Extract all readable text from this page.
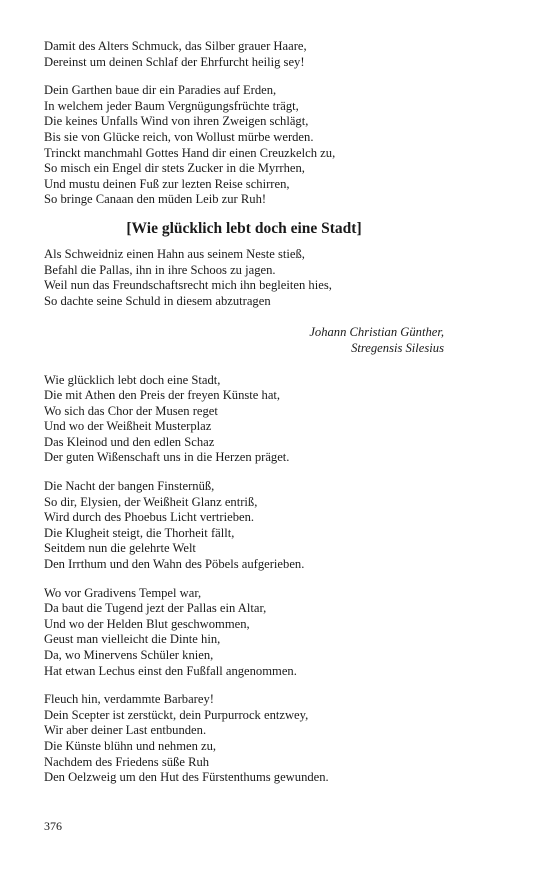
Damit des Alters Schmuck, das Silber grauer Haare,
Dereinst um deinen Schlaf der Ehrfurcht heilig sey!
Dein Garthen baue dir ein Paradies auf Erden,
In welchem jeder Baum Vergnügungsfrüchte trägt,
Die keines Unfalls Wind von ihren Zweigen schlägt,
Bis sie von Glücke reich, von Wollust mürbe werden.
Trinckt manchmahl Gottes Hand dir einen Creuzkelch zu,
So misch ein Engel dir stets Zucker in die Myrrhen,
Und mustu deinen Fuß zur lezten Reise schirren,
So bringe Canaan den müden Leib zur Ruh!
[Wie glücklich lebt doch eine Stadt]
Als Schweidniz einen Hahn aus seinem Neste stieß,
Befahl die Pallas, ihn in ihre Schoos zu jagen.
Weil nun das Freundschaftsrecht mich ihn begleiten hies,
So dachte seine Schuld in diesem abzutragen
Johann Christian Günther,
Stregensis Silesius
Wie glücklich lebt doch eine Stadt,
Die mit Athen den Preis der freyen Künste hat,
Wo sich das Chor der Musen reget
Und wo der Weißheit Musterplaz
Das Kleinod und den edlen Schaz
Der guten Wißenschaft uns in die Herzen präget.
Die Nacht der bangen Finsternüß,
So dir, Elysien, der Weißheit Glanz entriß,
Wird durch des Phoebus Licht vertrieben.
Die Klugheit steigt, die Thorheit fällt,
Seitdem nun die gelehrte Welt
Den Irrthum und den Wahn des Pöbels aufgerieben.
Wo vor Gradivens Tempel war,
Da baut die Tugend jezt der Pallas ein Altar,
Und wo der Helden Blut geschwommen,
Geust man vielleicht die Dinte hin,
Da, wo Minervens Schüler knien,
Hat etwan Lechus einst den Fußfall angenommen.
Fleuch hin, verdammte Barbarey!
Dein Scepter ist zerstückt, dein Purpurrock entzwey,
Wir aber deiner Last entbunden.
Die Künste blühn und nehmen zu,
Nachdem des Friedens süße Ruh
Den Oelzweig um den Hut des Fürstenthums gewunden.
376
